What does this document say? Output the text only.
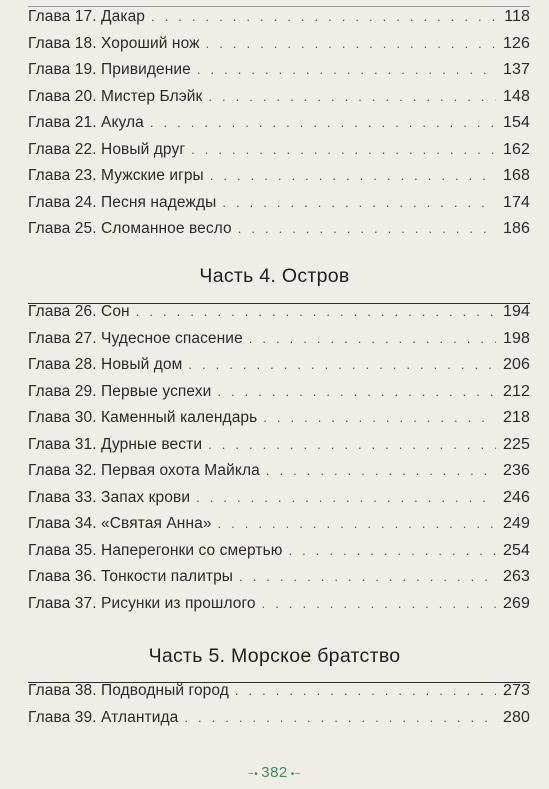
Глава 17. Дакар . . .	118
Глава 18. Хороший нож . . .	126
Глава 19. Привидение . . .	137
Глава 20. Мистер Блэйк . . .	148
Глава 21. Акула . . .	154
Глава 22. Новый друг . . .	162
Глава 23. Мужские игры . . .	168
Глава 24. Песня надежды . . .	174
Глава 25. Сломанное весло . . .	186
Часть 4. Остров
Глава 26. Сон . . .	194
Глава 27. Чудесное спасение . . .	198
Глава 28. Новый дом . . .	206
Глава 29. Первые успехи . . .	212
Глава 30. Каменный календарь . . .	218
Глава 31. Дурные вести . . .	225
Глава 32. Первая охота Майкла . . .	236
Глава 33. Запах крови . . .	246
Глава 34. «Святая Анна» . . .	249
Глава 35. Наперегонки со смертью . . .	254
Глава 36. Тонкости палитры . . .	263
Глава 37. Рисунки из прошлого . . .	269
Часть 5. Морское братство
Глава 38. Подводный город . . .	273
Глава 39. Атлантида . . .	280
~• 382 •~
